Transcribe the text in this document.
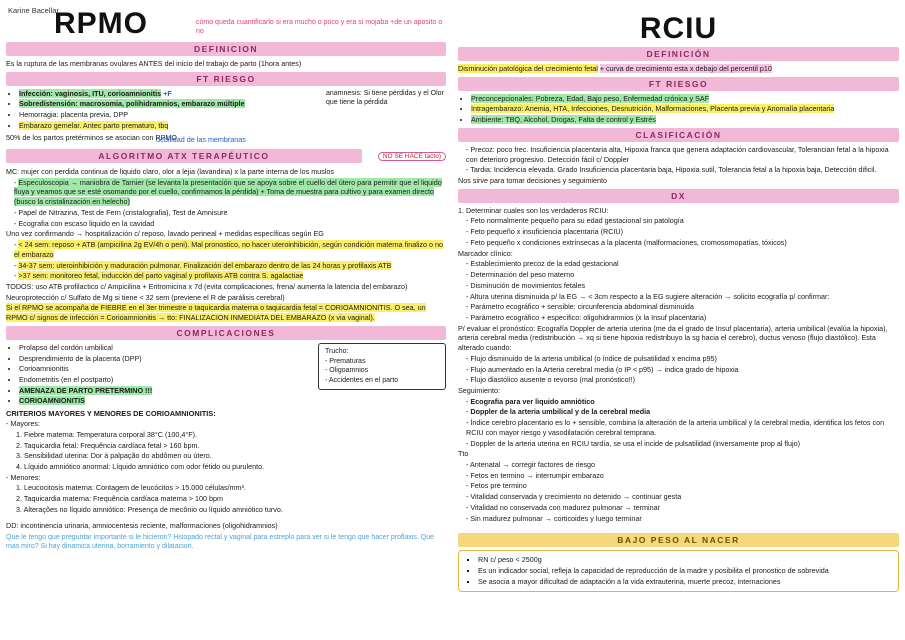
Karine Bacellar
RPMO	cómo queda cuantificarlo si era mucho o poco y era si mojaba +de un aposito o no
DEFINICION
Es la ruptura de las membranas ovulares ANTES del inicio del trabajo de parto (1hora antes)
FT RIESGO
• Infección: vaginosis, ITU, corioamnionitis +F
• Sobredistensión: macrosomia, polihidramnios, embarazo múltiple
• Hemorragia: placenta previa, DPP
• Embarazo gemelar. Antec parto prematuro, tbq
anamnesis: Si tiene pérdidas y el Olor que tiene la pérdida
50% de los partos pretérminos se asocian con RPMO
debilidad de las membranas
ALGORITMO ATX TERAPÉUTICO	NO SE HACE tacto)
MC: mujer con perdida continua de liquido claro, olor a lejia (lavandina) x la parte interna de los muslos
- Especuloscopia → maniobra de Tarnier (se levanta la presentación que se apoya sobre el cuello del útero para permitir que el liquido fluya y veamos que se esté osomando por el cuello, confirmamos la pérdida) + Toma de muestra para cultivo y para examen directo (busco la cristalinzación en helecho)
- Papel de Nitrazina, Test de Fern (cristalografia), Test de Amnisure
- Ecografia con escaso liquido en la cavidad
Uno vez confirmando → hospitalización c/ reposo, lavado perineal + medidas específicas según EG
- < 24 sem: reposo + ATB (ampicilina 2g EV/4h o peni). Mal pronostico, no hacer uteroinhibición, según condición materna finalizo o no el embarazo
- 34-37 sem: uteroinhibición y maduración pulmonar. Finalización del embarazo dentro de las 24 horas y profilaxis ATB
- >37 sem: monitoreo fetal, inducción del parto vaginal y profilaxis ATB contra S. agalactiae
TODOS: uso ATB profilactico c/ Ampicilina + Eritromicina x 7d (evita complicaciones, frena/ aumenta la latencia del embarazo)
Neuroprotección c/ Sulfato de Mg si tiene < 32 sem (previene el R de parálisis cerebral)
Si el RPMO se acompaña de FIEBRE en el 3er trimestre o taquicardia materna o taquicardia fetal = CORIOAMNIONITIS. O sea, un RPMO c/ signos de infección = Corioamnionitis → tto: FINALIZACION INMEDIATA DEL EMBARAZO (x via vaginal).
COMPLICACIONES
• Prolapso del cordón umbilical
• Desprendimiento de la placenta (DPP)
• Corioamnionitis
• Endometritis (en el postparto)
• AMENAZA DE PARTO PRETERMINO !!!
• CORIOAMNIONITIS
Trucho:
- Prematuras
- Oligoamnios
- Accidentes en el parto
CRITERIOS MAYORES Y MENORES DE CORIOAMNIONITIS:
- Mayores:
1. Fiebre materna: Temperatura corporal 38°C (100,4°F).
2. Taquicardia fetal: Frequência cardíaca fetal > 160 bpm.
3. Sensibilidad uterina: Dor à palpação do abdômen ou útero.
4. Líquido amniótico anormal: Líquido amniótico com odor fétido ou purulento.
- Menores:
1. Leucocitosis materna: Contagem de leucócitos > 15.000 células/mm³.
2. Taquicardia materna: Frequência cardíaca materna > 100 bpm
3. Alterações no líquido amniótico: Presença de mecônio ou líquido amniótico turvo.
DD: incontinencia urinaria, amniocentesis reciente, malformaciones (oligohidramnios)
Que le tengo que preguntar importante si le hicieron? Hisopado rectal y vaginal para estreplo para ver si le tengo que hacer proflaxis. Que mas miro? Si hay dinamica uterina, borramiento y dilatacion.
RCIU
DEFINICIÓN
Disminución patológica del crecimiento fetal + curva de crecimiento esta x debajo del percentil p10
FT RIESGO
• Preconcepcionales: Pobreza, Edad, Bajo peso, Enfermedad crónica y SAF
• Intragembarazo: Anemia, HTA, Infecciones, Desnutrición, Malformaciones, Placenta previa y Anomalía placentaria
• Ambiente: TBQ, Alcohol, Drogas, Falta de control y Estrés
CLASIFICACIÓN
- Precoz: poco frec. Insuficiencia placentaria alta, Hipoxia franca que genera adaptación cardiovascular, Tolerancian fetal a la hipoxia con deterioro progresivo. Detección fácil c/ Doppler
- Tardia: Incidencia elevada. Grado Insuficiencia placentaria baja, Hipoxia sutil, Tolerancia fetal a la hipoxia baja, Detección dificil.
Nos sirve para tomar decisiones y seguimiento
DX
1. Determinar cuales son los verdaderos RCIU:
- Feto normalmente pequeño para su edad gestacional sin patología
- Feto pequeño x insuficiencia placentaria (RCIU)
- Feto pequeño x condiciones extrínsecas a la placenta (malformaciones, cromosomopatías, tóxicos)
Marcador clínico:
- Establecimiento precoz de la edad gestacional
- Determinación del peso materno
- Disminución de movimientos fetales
- Altura uterina disminuida p/ la EG → < 3cm respecto a la EG sugiere alteración → solicito ecografía p/ confirmar:
- Parámetro ecográfico + sensible: circunferencia abdominal disminuida
- Parámetro ecográfico + especifico: oligohidramnios (x la Insuf placentaria)
P/ evaluar el pronóstico: Ecografía Doppler de arteria uterina (me da el grado de Insuf placentaria), arteria umbilical (evalúa la hipoxia), arteria cerebral media (redistribución → xq si tiene hipoxia redistribuyo la sg hacia el cerebro), ductus venoso (flujo diastólico). Esta alterado cuando:
- Flujo disminuido de la arteria umbilical (o índice de pulsatilidad x encima p95)
- Flujo aumentado en la Arteria cerebral media (o IP < p95) → indica grado de hipoxia
- Flujo diastólico ausente o revorso (mal pronóstico!!)
Seguimiento:
- Ecografia para ver liquido amniótico
- Doppler de la arteria umbilical y de la cerebral media
- Índice cerebro placentario es lo + sensible, combina la alteración de la arteria umbilical y la cerebral media, identifica los fetos con RCIU con mayor riesgo y vasodilatación cerebral temprana.
- Doppler de la arteria uterina en RCIU tardía, se usa el incide de pulsatilidad (inversamente prop al flujo)
Tto
- Antenatal → corregir factores de riesgo
- Fetos en termino → interrumpir embarazo
- Fetos pre termino
- Vitalidad conservada y crecimiento no detenido → continuar gesta
- Vitalidad no conservada con madurez pulmonar → terminar
- Sin madurez pulmonar → corticoides y luego terminar
BAJO PESO AL NACER
▪ RN c/ peso < 2500g
▪ Es un indicador social, refleja la capacidad de reproducción de la madre y posibilita el pronostico de sobrevida
▪ Se asocia a mayor dificultad de adaptación a la vida extrauterina, muerte precoz, internaciones
